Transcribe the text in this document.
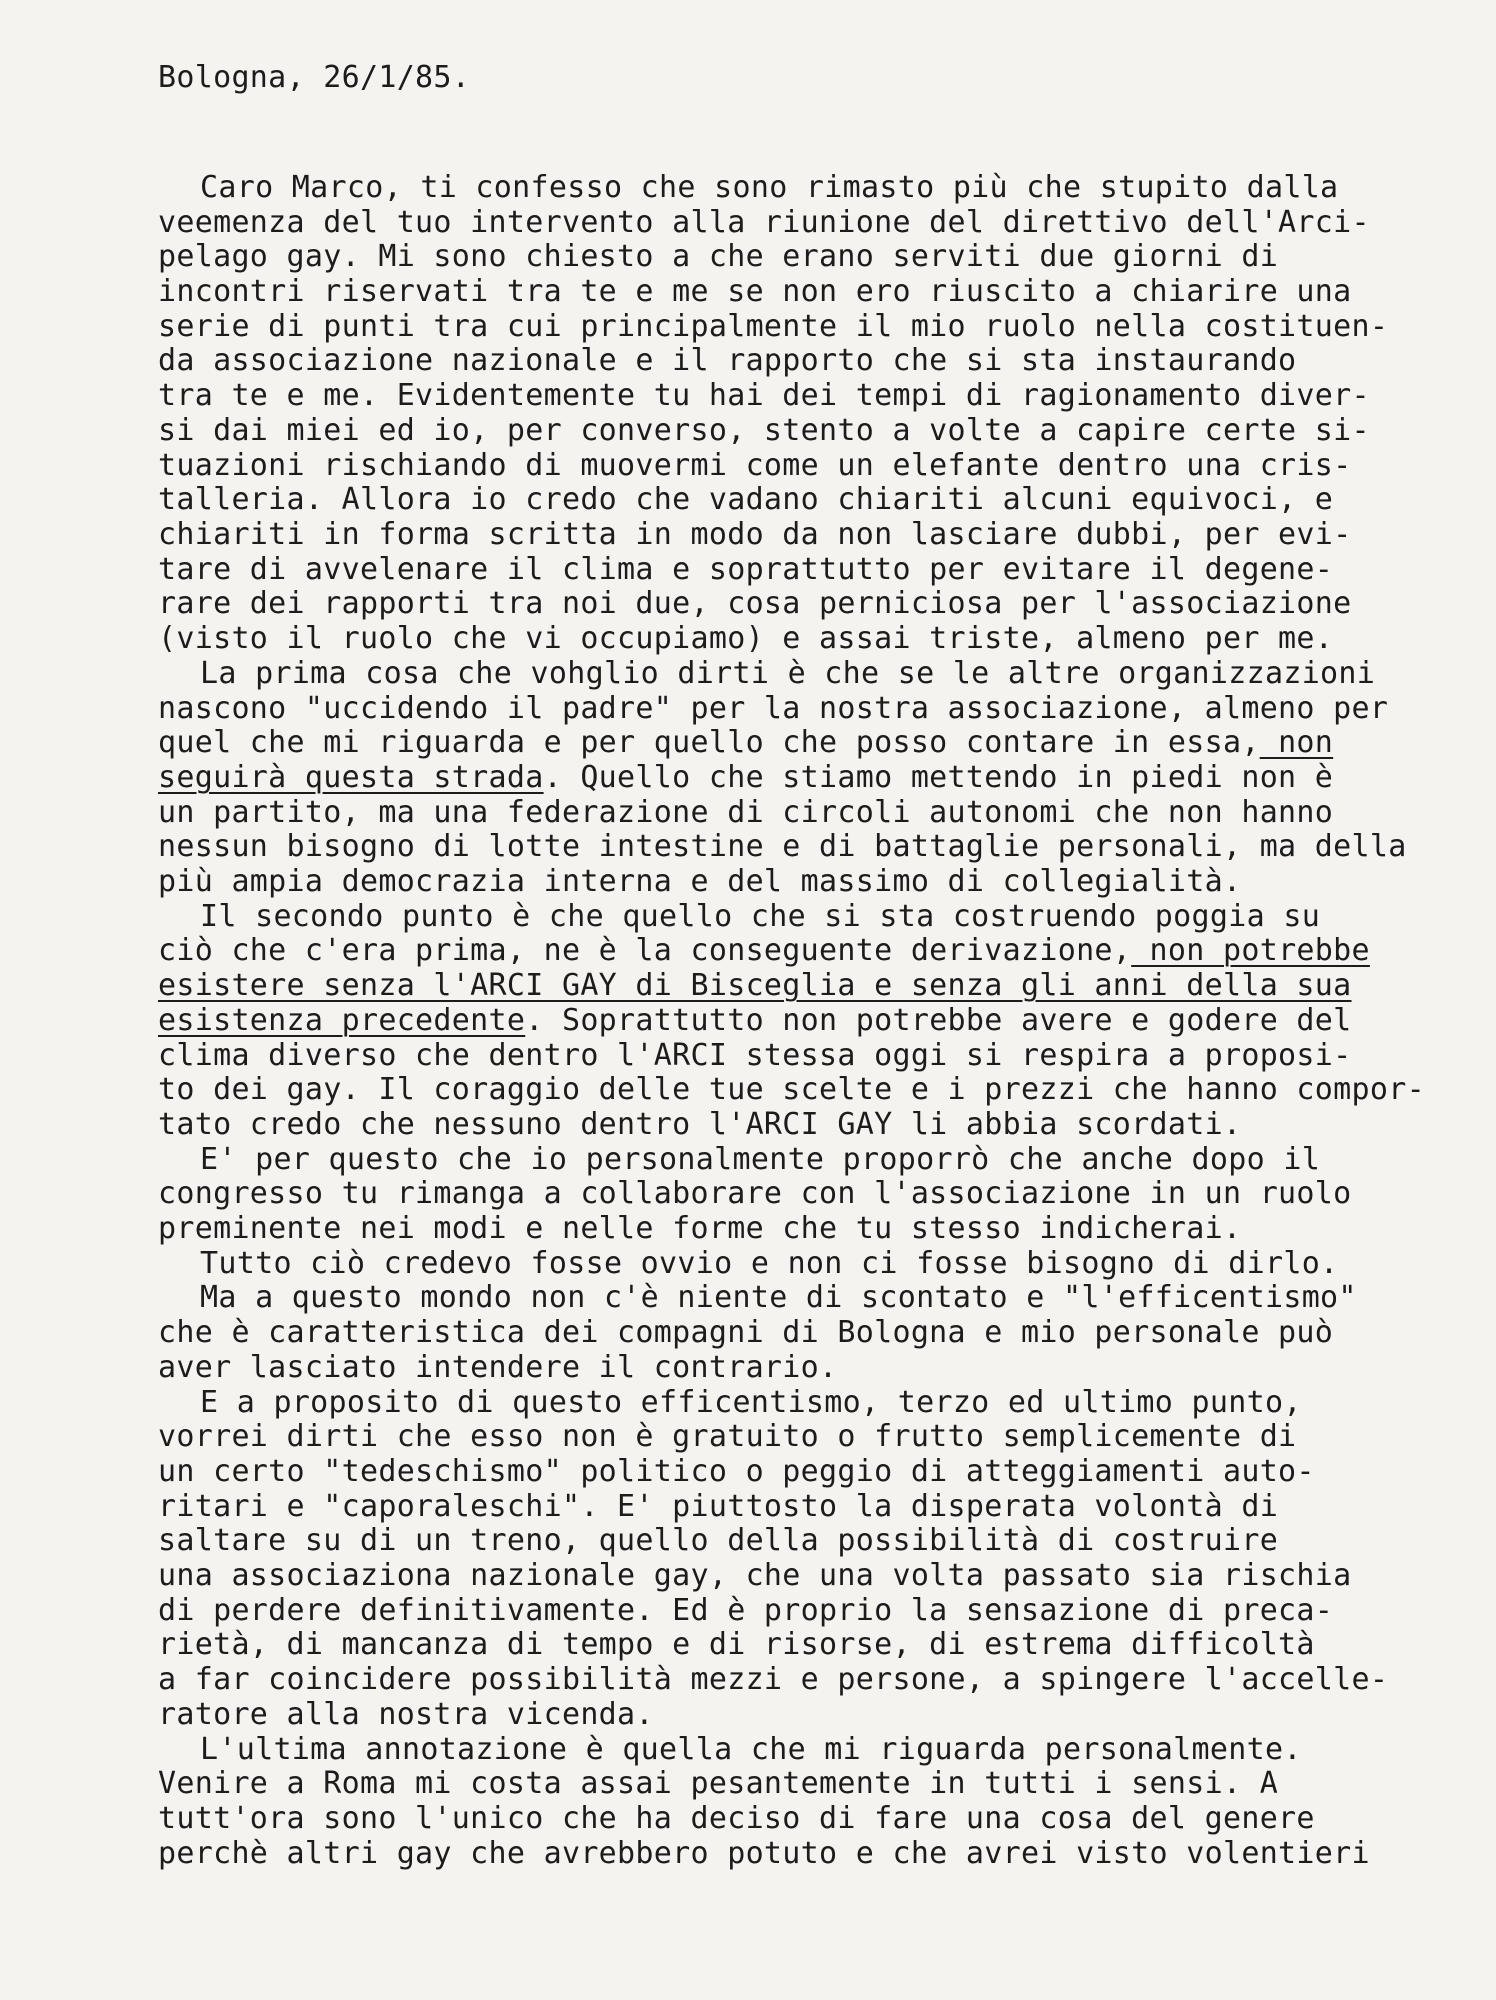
Bologna, 26/1/85.
Caro Marco, ti confesso che sono rimasto più che stupito dalla
veemenza del tuo intervento alla riunione del direttivo dell'Arci-
pelago gay. Mi sono chiesto a che erano serviti due giorni di
incontri riservati tra te e me se non ero riuscito a chiarire una
serie di punti tra cui principalmente il mio ruolo nella costituen-
da associazione nazionale e il rapporto che si sta instaurando
tra te e me. Evidentemente tu hai dei tempi di ragionamento diver-
si dai miei ed io, per converso, stento a volte a capire certe si-
tuazioni rischiando di muovermi come un elefante dentro una cris-
talleria. Allora io credo che vadano chiariti alcuni equivoci, e
chiariti in forma scritta in modo da non lasciare dubbi, per evi-
tare di avvelenare il clima e soprattutto per evitare il degene-
rare dei rapporti tra noi due, cosa perniciosa per l'associazione
(visto il ruolo che vi occupiamo) e assai triste, almeno per me.
La prima cosa che vohglio dirti è che se le altre organizzazioni
nascono "uccidendo il padre" per la nostra associazione, almeno per
quel che mi riguarda e per quello che posso contare in essa, non
seguirà questa strada. Quello che stiamo mettendo in piedi non è
un partito, ma una federazione di circoli autonomi che non hanno
nessun bisogno di lotte intestine e di battaglie personali, ma della
più ampia democrazia interna e del massimo di collegialità.
Il secondo punto è che quello che si sta costruendo poggia su
ciò che c'era prima, ne è la conseguente derivazione, non potrebbe
esistere senza l'ARCI GAY di Bisceglia e senza gli anni della sua
esistenza precedente. Soprattutto non potrebbe avere e godere del
clima diverso che dentro l'ARCI stessa oggi si respira a proposi-
to dei gay. Il coraggio delle tue scelte e i prezzi che hanno compor-
tato credo che nessuno dentro l'ARCI GAY li abbia scordati.
E' per questo che io personalmente proporrò che anche dopo il
congresso tu rimanga a collaborare con l'associazione in un ruolo
preminente nei modi e nelle forme che tu stesso indicherai.
Tutto ciò credevo fosse ovvio e non ci fosse bisogno di dirlo.
Ma a questo mondo non c'è niente di scontato e "l'efficentismo"
che è caratteristica dei compagni di Bologna e mio personale può
aver lasciato intendere il contrario.
E a proposito di questo efficentismo, terzo ed ultimo punto,
vorrei dirti che esso non è gratuito o frutto semplicemente di
un certo "tedeschismo" politico o peggio di atteggiamenti auto-
ritari e "caporaleschi". E' piuttosto la disperata volontà di
saltare su di un treno, quello della possibilità di costruire
una associaziona nazionale gay, che una volta passato sia rischia
di perdere definitivamente. Ed è proprio la sensazione di preca-
rietà, di mancanza di tempo e di risorse, di estrema difficoltà
a far coincidere possibilità mezzi e persone, a spingere l'accelle-
ratore alla nostra vicenda.
L'ultima annotazione è quella che mi riguarda personalmente.
Venire a Roma mi costa assai pesantemente in tutti i sensi. A
tutt'ora sono l'unico che ha deciso di fare una cosa del genere
perchè altri gay che avrebbero potuto e che avrei visto volentieri
